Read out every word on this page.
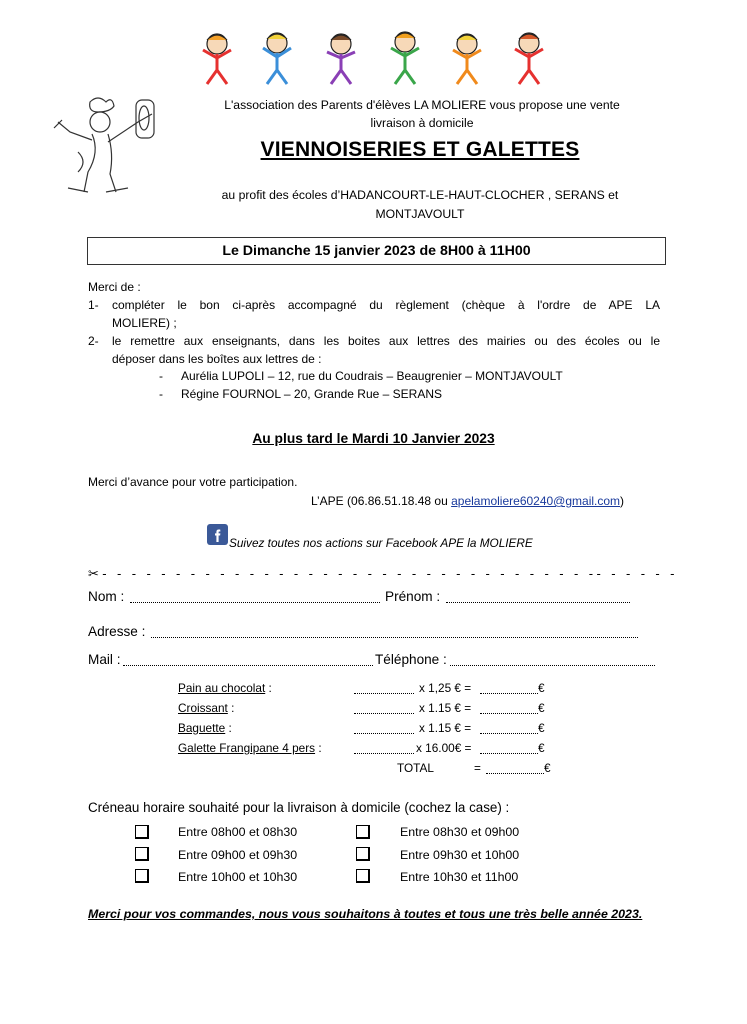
L'association des Parents d'élèves LA MOLIERE vous propose une vente
livraison à domicile
VIENNOISERIES ET GALETTES
au profit des écoles d’HADANCOURT-LE-HAUT-CLOCHER , SERANS et
MONTJAVOULT
Le Dimanche 15 janvier 2023 de 8H00 à 11H00
Merci de :
1- compléter le bon ci-après accompagné du règlement (chèque à l'ordre de APE LA
MOLIERE) ;
2- le remettre aux enseignants, dans les boites aux lettres des mairies ou des écoles ou le
déposer dans les boîtes aux lettres de :
- Aurélia LUPOLI – 12, rue du Coudrais – Beaugrenier – MONTJAVOULT
- Régine FOURNOL – 20, Grande Rue – SERANS
Au plus tard le Mardi 10 Janvier 2023
Merci d’avance pour votre participation.
L’APE (06.86.51.18.48 ou apelamoliere60240@gmail.com)
Suivez toutes nos actions sur Facebook APE la MOLIERE
✂- - - - - - - - - - - - - - - - - - - - - - - - - - - - - - - - - -- - - - - -
Nom :	Prénom :
Adresse :
Mail :	Téléphone :
Pain au chocolat :	x 1,25 € =	€
Croissant :	x 1.15 € =	€
Baguette :	x 1.15 € =	€
Galette Frangipane 4 pers :	x 16.00€ =	€
TOTAL	=	€
Créneau horaire souhaité pour la livraison à domicile (cochez la case) :
Entre 08h00 et 08h30	Entre 08h30 et 09h00
Entre 09h00 et 09h30	Entre 09h30 et 10h00
Entre 10h00 et 10h30	Entre 10h30 et 11h00
Merci pour vos commandes, nous vous souhaitons à toutes et tous une très belle année 2023.
